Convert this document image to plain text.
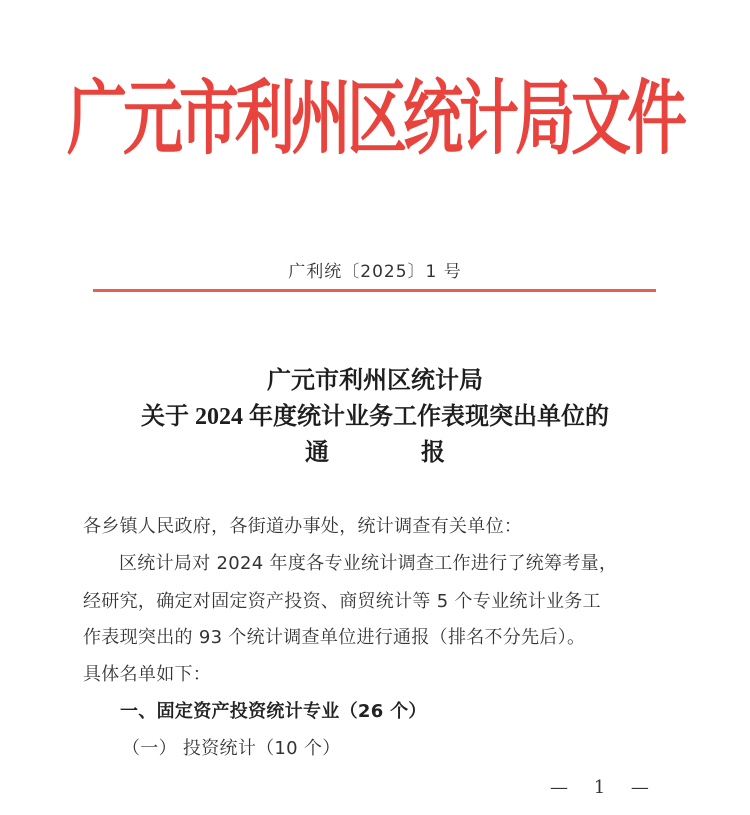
广元市利州区统计局文件
广利统〔2025〕1 号
广元市利州区统计局
关于 2024 年度统计业务工作表现突出单位的
通	报
各乡镇人民政府，各街道办事处，统计调查有关单位：
区统计局对 2024 年度各专业统计调查工作进行了统筹考量，
经研究，确定对固定资产投资、商贸统计等 5 个专业统计业务工
作表现突出的 93 个统计调查单位进行通报（排名不分先后）。
具体名单如下：
一、固定资产投资统计专业（26 个）
（一） 投资统计（10 个）
— 1 —
